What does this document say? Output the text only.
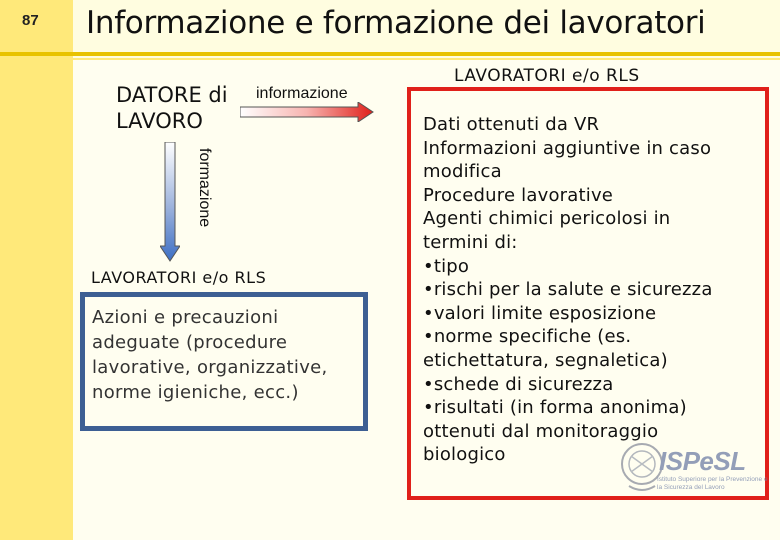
87 Informazione e formazione dei lavoratori
DATORE di
LAVORO
informazione
formazione
LAVORATORI e/o RLS
Azioni e precauzioni
adeguate (procedure
lavorative, organizzative,
norme igieniche, ecc.)
LAVORATORI e/o RLS
Dati ottenuti da VR
Informazioni aggiuntive in caso
modifica
Procedure lavorative
Agenti chimici pericolosi in
termini di:
•tipo
•rischi per la salute e sicurezza
•valori limite esposizione
•norme specifiche (es.
etichettatura, segnaletica)
•schede di sicurezza
•risultati (in forma anonima)
ottenuti dal monitoraggio
biologico	ISPeSL
Istituto Superiore per la Prevenzione e la Sicurezza del Lavoro
